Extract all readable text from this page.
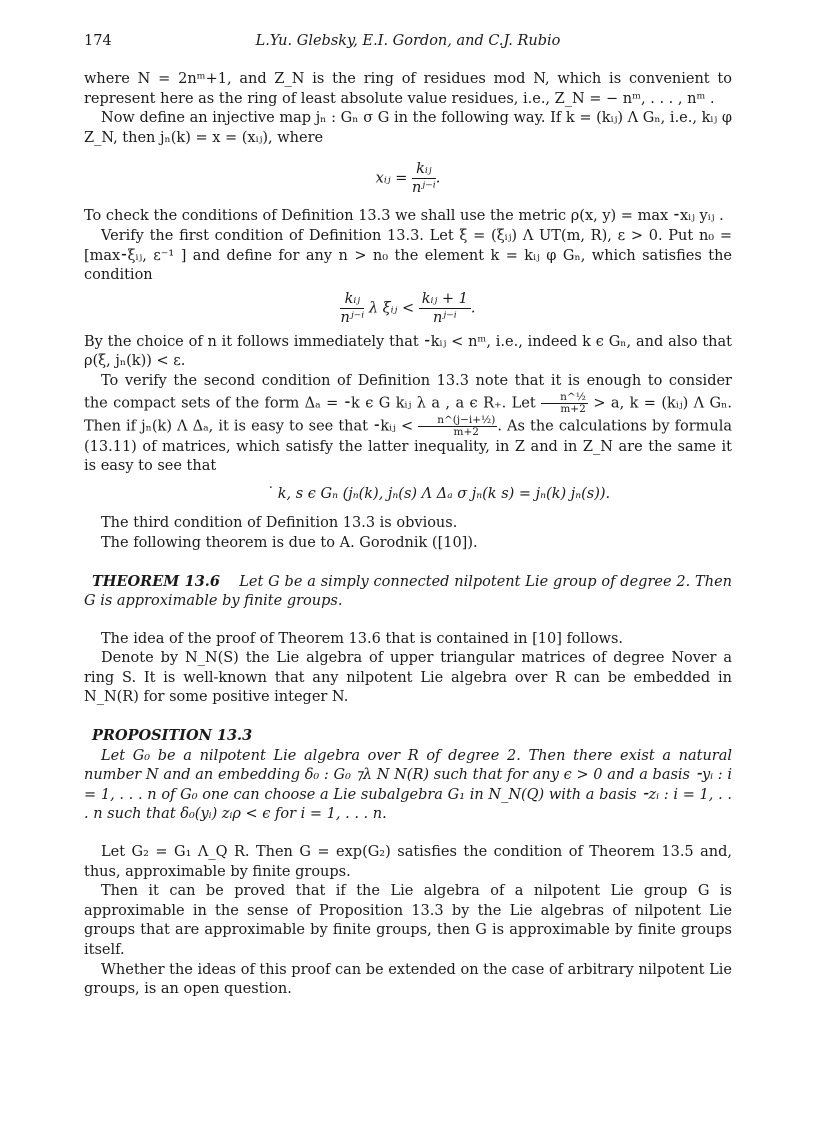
174	L.Yu. Glebsky, E.I. Gordon, and C.J. Rubio

where N = 2nᵐ+1, and Z_N is the ring of residues mod N, which is convenient to represent here as the ring of least absolute value residues, i.e., Z_N = − nᵐ, . . . , nᵐ .

Now define an injective map jₙ : Gₙ σ G in the following way. If k = (kᵢⱼ) Λ Gₙ, i.e., kᵢⱼ φ Z_N, then jₙ(k) = x = (xᵢⱼ), where

xᵢⱼ = $\frac{\text{kᵢⱼ}}{\text{nʲ⁻ⁱ}}$ .

To check the conditions of Definition 13.3 we shall use the metric ρ(x, y) = max ⁃xᵢⱼ yᵢⱼ .

Verify the first condition of Definition 13.3. Let ξ = (ξᵢⱼ) Λ UT(m, R), ε > 0. Put n₀ = [max⁃ξᵢⱼ, ε⁻¹ ] and define for any n > n₀ the element k = kᵢⱼ φ Gₙ, which satisfies the condition

$\frac{\text{kᵢⱼ}}{\text{nʲ⁻ⁱ}}$ λ ξᵢⱼ < $\frac{\text{kᵢⱼ + 1}}{\text{nʲ⁻ⁱ}}$ .

By the choice of n it follows immediately that ⁃kᵢⱼ < nᵐ, i.e., indeed k ϵ Gₙ, and also that ρ(ξ, jₙ(k)) < ε.

To verify the second condition of Definition 13.3 note that it is enough to consider the compact sets of the form Δₐ = ⁃k ϵ G kᵢⱼ λ a , a ϵ R₊. Let $\frac{\text{n\textasciicircum{}½}}{m+2} > a$, k = (kᵢⱼ) Λ Gₙ. Then if jₙ(k) Λ Δₐ, it is easy to see that ⁃kᵢⱼ < $\frac{\text{n\textasciicircum{}(j−i+½)}}{m+2}$ . As the calculations by formula (13.11) of matrices, which satisfy the latter inequality, in Z and in Z_N are the same it is easy to see that

˙ k, s ϵ Gₙ (jₙ(k), jₙ(s) Λ Δₐ σ jₙ(k s) = jₙ(k) jₙ(s)).

The third condition of Definition 13.3 is obvious.

The following theorem is due to A. Gorodnik ([10]).

THEOREM 13.6 Let G be a simply connected nilpotent Lie group of degree 2. Then G is approximable by finite groups.

The idea of the proof of Theorem 13.6 that is contained in [10] follows.

Denote by N_N(S) the Lie algebra of upper triangular matrices of degree Nover a ring S. It is well-known that any nilpotent Lie algebra over R can be embedded in N_N(R) for some positive integer N.

PROPOSITION 13.3

Let G₀ be a nilpotent Lie algebra over R of degree 2. Then there exist a natural number N and an embedding δ₀ : G₀ ⁊λ N N(R) such that for any ϵ > 0 and a basis ⁃yᵢ : i = 1, . . . n of G₀ one can choose a Lie subalgebra G₁ in N_N(Q) with a basis ⁃zᵢ : i = 1, . . . n such that δ₀(yᵢ) zᵢρ < ϵ for i = 1, . . . n.

Let G₂ = G₁ Λ_Q R. Then G = exp(G₂) satisfies the condition of Theorem 13.5 and, thus, approximable by finite groups.

Then it can be proved that if the Lie algebra of a nilpotent Lie group G is approximable in the sense of Proposition 13.3 by the Lie algebras of nilpotent Lie groups that are approximable by finite groups, then G is approximable by finite groups itself.

Whether the ideas of this proof can be extended on the case of arbitrary nilpotent Lie groups, is an open question.
